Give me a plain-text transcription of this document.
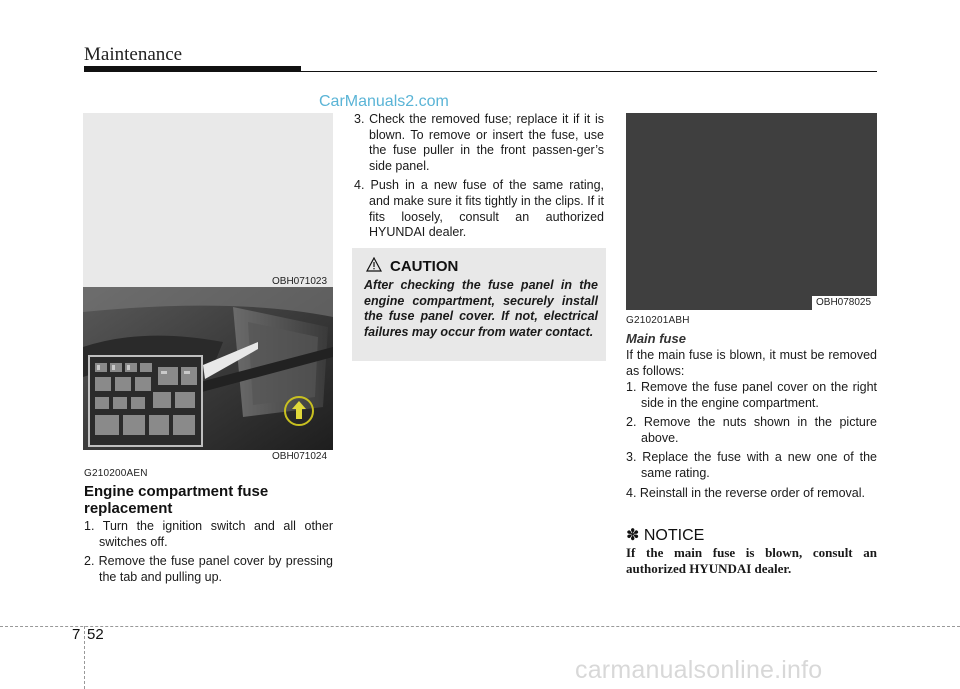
Maintenance
CarManuals2.com
OBH071023
OBH071024
G210200AEN
Engine compartment fuse replacement
1. Turn the ignition switch and all other switches off.
2. Remove the fuse panel cover by pressing the tab and pulling up.
3. Check the removed fuse; replace it if it is blown. To remove or insert the fuse, use the fuse puller in the front passen-ger’s side panel.
4. Push in a new fuse of the same rating, and make sure it fits tightly in the clips. If it fits loosely, consult an authorized HYUNDAI dealer.
CAUTION
After checking the fuse panel in the engine compartment, securely install the fuse panel cover. If not, electrical failures may occur from water contact.
OBH078025
G210201ABH
Main fuse
If the main fuse is blown, it must be removed as follows:
1. Remove the fuse panel cover on the right side in the engine compartment.
2. Remove the nuts shown in the picture above.
3. Replace the fuse with a new one of the same rating.
4. Reinstall in the reverse order of removal.
✽ NOTICE
If the main fuse is blown, consult an authorized HYUNDAI dealer.
7 52
carmanualsonline.info
